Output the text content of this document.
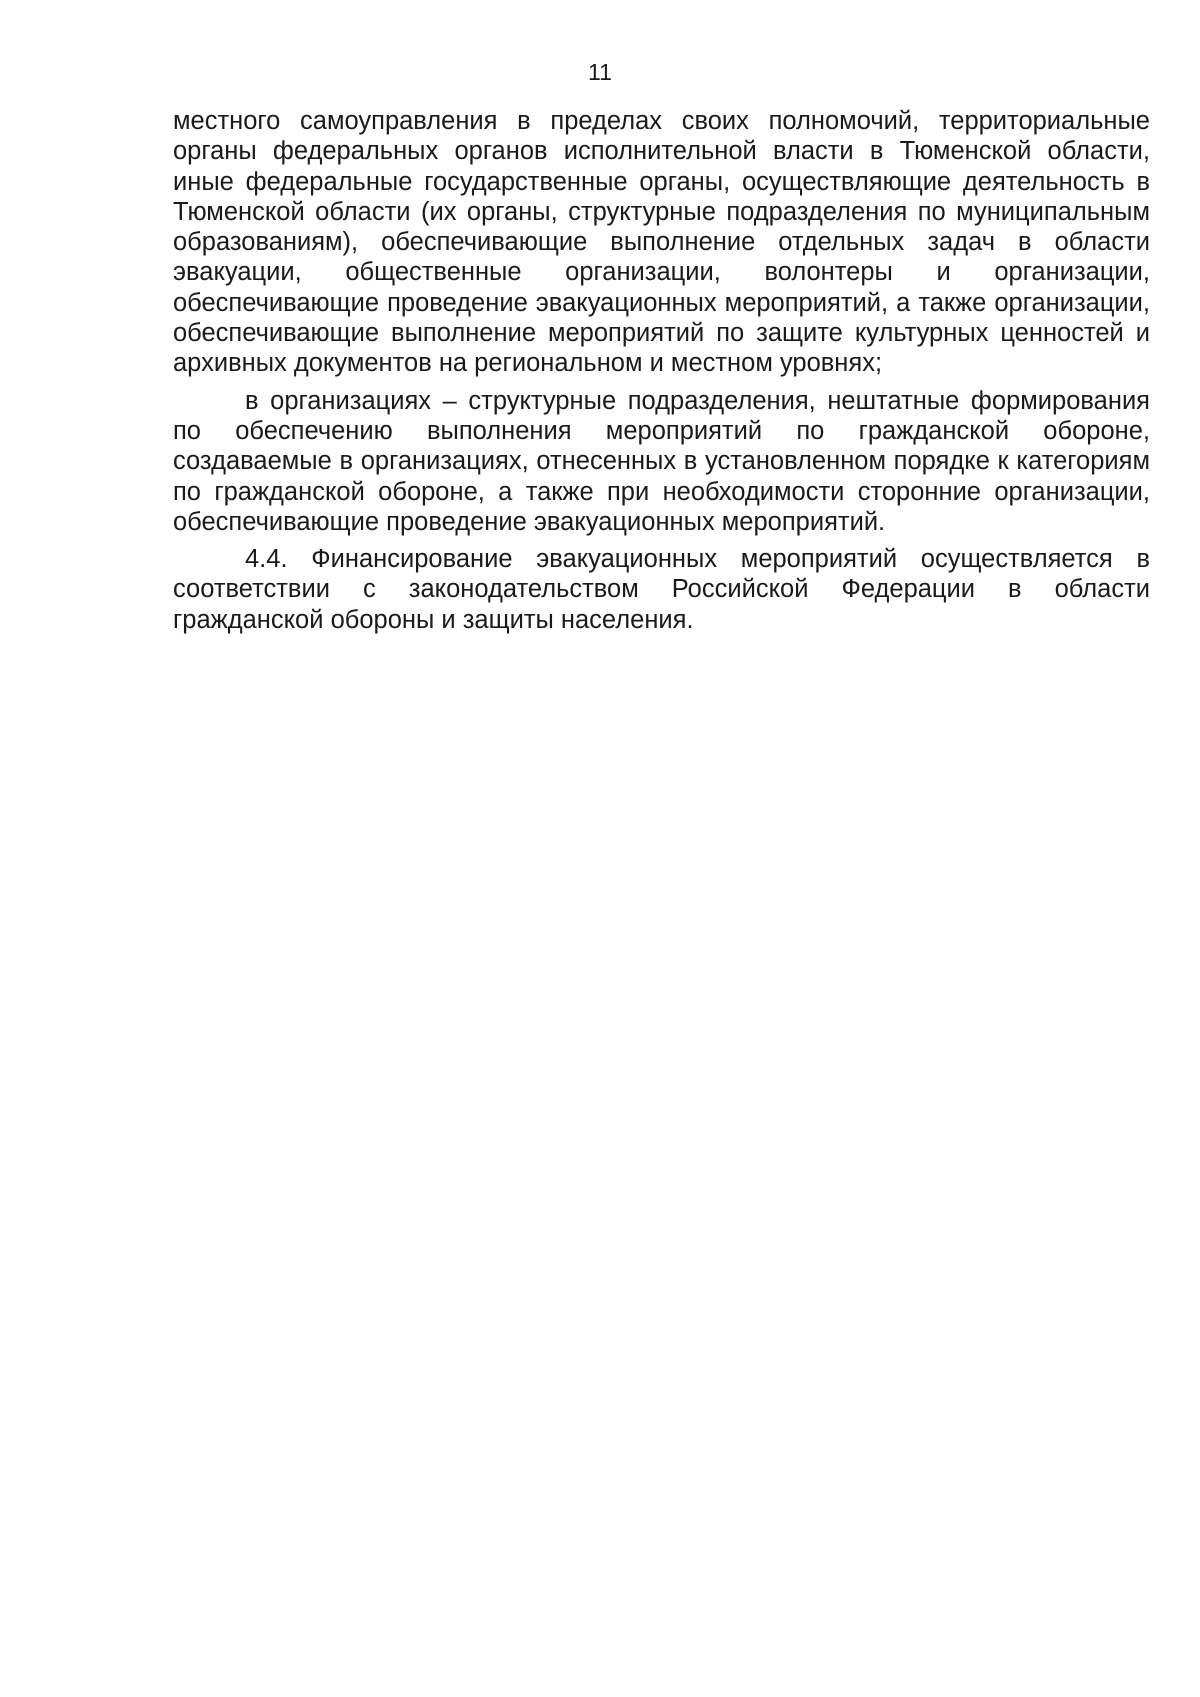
11

местного самоуправления в пределах своих полномочий, территориальные органы федеральных органов исполнительной власти в Тюменской области, иные федеральные государственные органы, осуществляющие деятельность в Тюменской области (их органы, структурные подразделения по муниципальным образованиям), обеспечивающие выполнение отдельных задач в области эвакуации, общественные организации, волонтеры и организации, обеспечивающие проведение эвакуационных мероприятий, а также организации, обеспечивающие выполнение мероприятий по защите культурных ценностей и архивных документов на региональном и местном уровнях;

в организациях – структурные подразделения, нештатные формирования по обеспечению выполнения мероприятий по гражданской обороне, создаваемые в организациях, отнесенных в установленном порядке к категориям по гражданской обороне, а также при необходимости сторонние организации, обеспечивающие проведение эвакуационных мероприятий.

4.4. Финансирование эвакуационных мероприятий осуществляется в соответствии с законодательством Российской Федерации в области гражданской обороны и защиты населения.
